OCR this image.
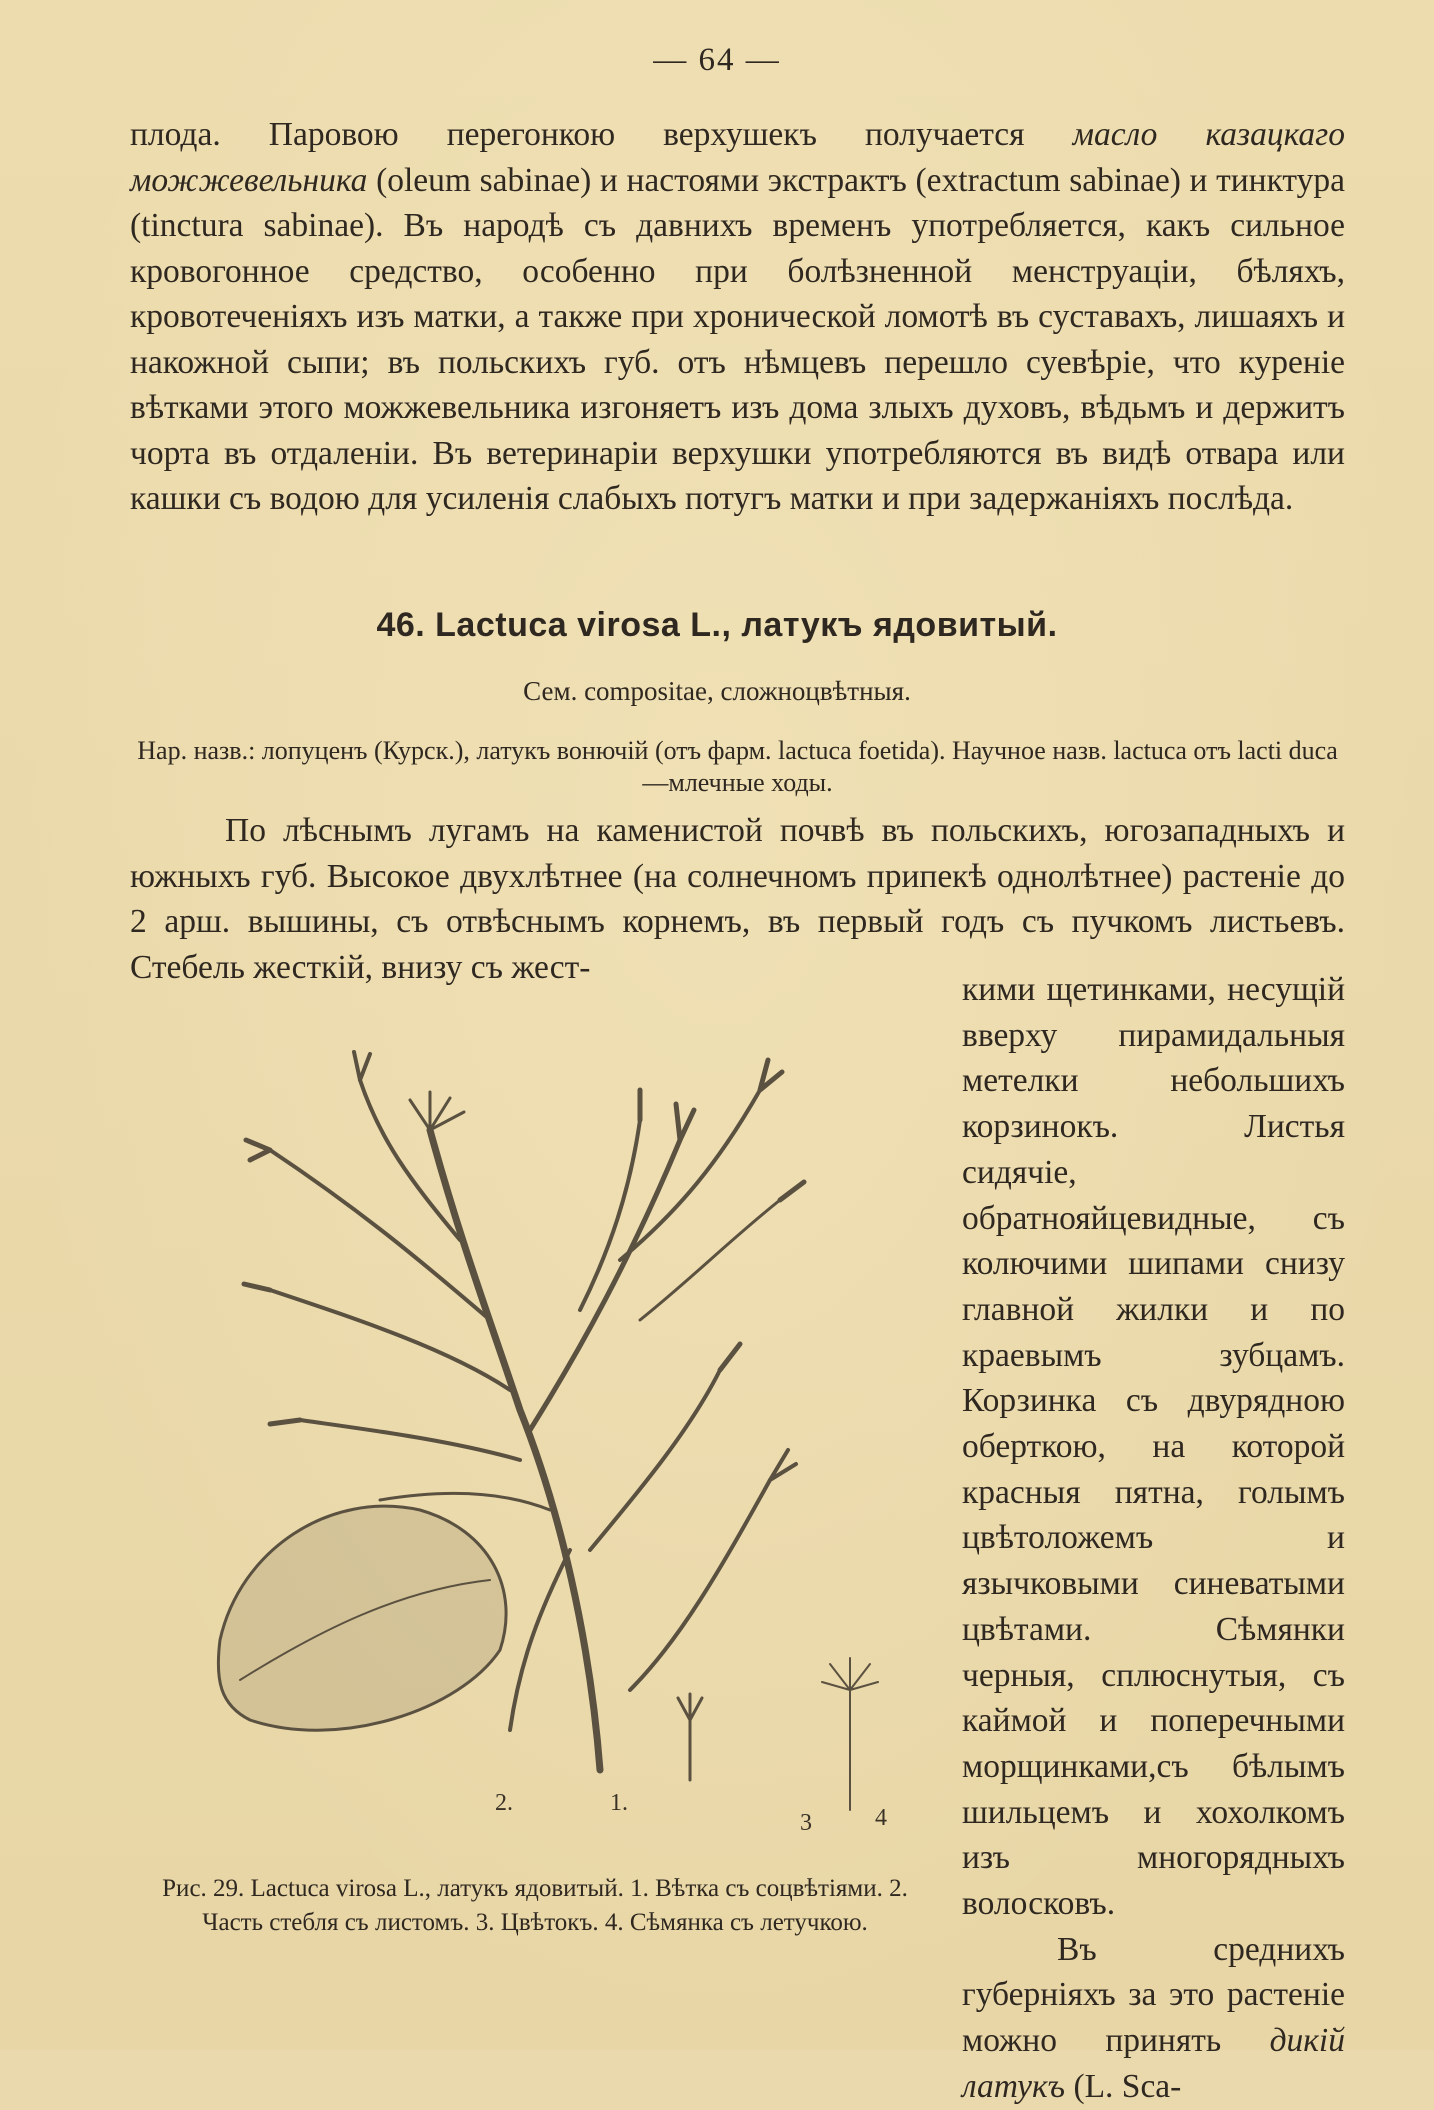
— 64 —

плода. Паровою перегонкою верхушекъ получается масло казацкаго можжевельника (oleum sabinae) и настоями экстрактъ (extractum sabinae) и тинктура (tinctura sabinae). Въ народѣ съ давнихъ временъ употребляется, какъ сильное кровогонное средство, особенно при болѣзненной менструаціи, бѣляхъ, кровотеченіяхъ изъ матки, а также при хронической ломотѣ въ суставахъ, лишаяхъ и накожной сыпи; въ польскихъ губ. отъ нѣмцевъ перешло суевѣріе, что куреніе вѣтками этого можжевельника изгоняетъ изъ дома злыхъ духовъ, вѣдьмъ и держитъ чорта въ отдаленіи. Въ ветеринаріи верхушки употребляются въ видѣ отвара или кашки съ водою для усиленія слабыхъ потугъ матки и при задержаніяхъ послѣда.

46. Lactuca virosa L., латукъ ядовитый.
Сем. compositae, сложноцвѣтныя.
Нар. назв.: лопуценъ (Курск.), латукъ вонючій (отъ фарм. lactuca foetida). Научное назв. lactuca отъ lacti duca—млечные ходы.

По лѣснымъ лугамъ на каменистой почвѣ въ польскихъ, югозападныхъ и южныхъ губ. Высокое двухлѣтнее (на солнечномъ припекѣ однолѣтнее) растеніе до 2 арш. вышины, съ отвѣснымъ корнемъ, въ первый годъ съ пучкомъ листьевъ. Стебель жесткій, внизу съ жест-

кими щетинками, несущій вверху пирамидальныя метелки небольшихъ корзинокъ. Листья сидячіе, обратнояйцевидные, съ колючими шипами снизу главной жилки и по краевымъ зубцамъ. Корзинка съ двурядною оберткою, на которой красныя пятна, голымъ цвѣтоложемъ и язычковыми синеватыми цвѣтами. Сѣмянки черныя, сплюснутыя, съ каймой и поперечными морщинками,съ бѣлымъ шильцемъ и хохолкомъ изъ многорядныхъ волосковъ.

Въ среднихъ губерніяхъ за это растеніе можно принять дикій латукъ (L. Sca-

1.
2.
3	4
Рис. 29. Lactuca virosa L., латукъ ядовитый. 1. Вѣтка съ соцвѣтіями. 2. Часть стебля съ листомъ. 3. Цвѣтокъ. 4. Сѣмянка съ летучкою.
